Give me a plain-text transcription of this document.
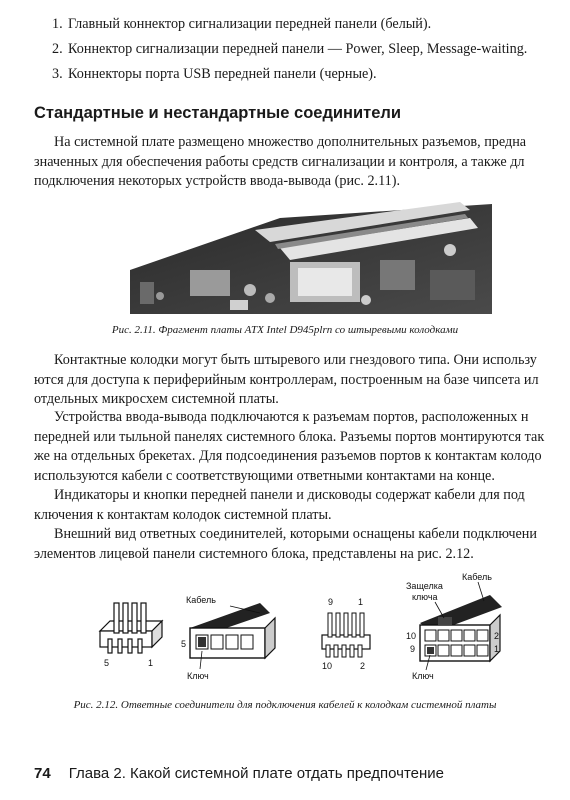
1. Главный коннектор сигнализации передней панели (белый).
2. Коннектор сигнализации передней панели — Power, Sleep, Message-waiting.
3. Коннекторы порта USB передней панели (черные).
Стандартные и нестандартные соединители

На системной плате размещено множество дополнительных разъемов, предна
значенных для обеспечения работы средств сигнализации и контроля, а также дл
подключения некоторых устройств ввода-вывода (рис. 2.11).

Рис. 2.11. Фрагмент платы ATX Intel D945plrn со штыревыми колодками

Контактные колодки могут быть штыревого или гнездового типа. Они использу
ются для доступа к периферийным контроллерам, построенным на базе чипсета ил
отдельных микросхем системной платы.

Устройства ввода-вывода подключаются к разъемам портов, расположенных н
передней или тыльной панелях системного блока. Разъемы портов монтируются так
же на отдельных брекетах. Для подсоединения разъемов портов к контактам колодо
используются кабели с соответствующими ответными контактами на конце.

Индикаторы и кнопки передней панели и дисководы содержат кабели для под
ключения к контактам колодок системной платы.

Внешний вид ответных соединителей, которыми оснащены кабели подключени
элементов лицевой панели системного блока, представлены на рис. 2.12.

5	1
Кабель
5
Ключ
9	1
10	2
Защелка
ключа
Кабель
10
9
2
1
Ключ

Рис. 2.12. Ответные соединители для подключения кабелей к колодкам системной платы

74 Глава 2. Какой системной плате отдать предпочтение
